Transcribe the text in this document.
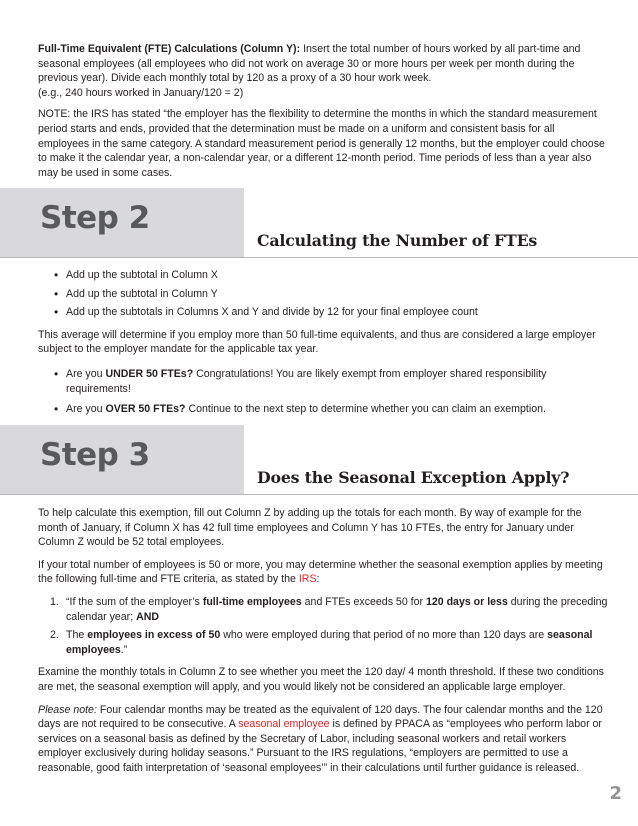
Full-Time Equivalent (FTE) Calculations (Column Y): Insert the total number of hours worked by all part-time and seasonal employees (all employees who did not work on average 30 or more hours per week per month during the previous year). Divide each monthly total by 120 as a proxy of a 30 hour work week.
(e.g., 240 hours worked in January/120 = 2)

NOTE: the IRS has stated “the employer has the flexibility to determine the months in which the standard measurement period starts and ends, provided that the determination must be made on a uniform and consistent basis for all employees in the same category. A standard measurement period is generally 12 months, but the employer could choose to make it the calendar year, a non-calendar year, or a different 12-month period. Time periods of less than a year also may be used in some cases.

Step 2
Calculating the Number of FTEs
• Add up the subtotal in Column X
• Add up the subtotal in Column Y
• Add up the subtotals in Columns X and Y and divide by 12 for your final employee count

This average will determine if you employ more than 50 full-time equivalents, and thus are considered a large employer subject to the employer mandate for the applicable tax year.

• Are you UNDER 50 FTEs? Congratulations! You are likely exempt from employer shared responsibility requirements!
• Are you OVER 50 FTEs? Continue to the next step to determine whether you can claim an exemption.
Step 3
Does the Seasonal Exception Apply?

To help calculate this exemption, fill out Column Z by adding up the totals for each month. By way of example for the month of January, if Column X has 42 full time employees and Column Y has 10 FTEs, the entry for January under Column Z would be 52 total employees.

If your total number of employees is 50 or more, you may determine whether the seasonal exemption applies by meeting the following full-time and FTE criteria, as stated by the IRS:

1. “If the sum of the employer’s full-time employees and FTEs exceeds 50 for 120 days or less during the preceding calendar year; AND
2. The employees in excess of 50 who were employed during that period of no more than 120 days are seasonal employees.”

Examine the monthly totals in Column Z to see whether you meet the 120 day/ 4 month threshold. If these two conditions are met, the seasonal exemption will apply, and you would likely not be considered an applicable large employer.

Please note: Four calendar months may be treated as the equivalent of 120 days. The four calendar months and the 120 days are not required to be consecutive. A seasonal employee is defined by PPACA as “employees who perform labor or services on a seasonal basis as defined by the Secretary of Labor, including seasonal workers and retail workers employer exclusively during holiday seasons.” Pursuant to the IRS regulations, “employers are permitted to use a reasonable, good faith interpretation of ‘seasonal employees’” in their calculations until further guidance is released.

2
